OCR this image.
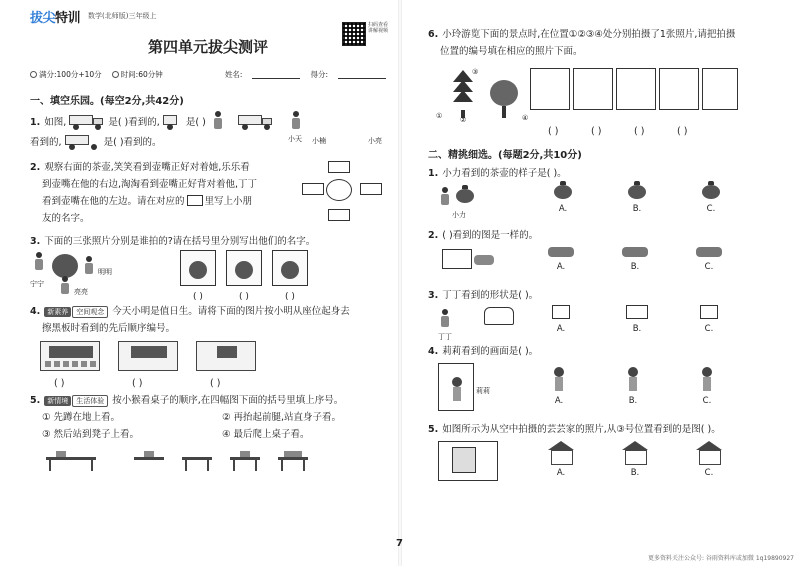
拔尖特训 数学(北师版)三年级上
扫码查看讲解视频
第四单元拔尖测评
满分:100分+10分	时间:60分钟	姓名:	得分:
一、填空乐园。(每空2分,共42分)
1. 如图,	是( )看到的,	是( )

小天 小楠	小亮
看到的,	是( )看到的。
2. 观察右面的茶壶,笑笑看到壶嘴正好对着她,乐乐看
到壶嘴在他的右边,淘淘看到壶嘴正好背对着他,丁丁
看到壶嘴在他的左边。请在对应的 里写上小朋
友的名字。
3. 下面的三张照片分别是谁拍的?请在括号里分别写出他们的名字。
明明
宁宁
亮亮	( )	( )	( )
4. 新素养 空间观念 今天小明是值日生。请将下面的图片按小明从座位起身去
擦黑板时看到的先后顺序编号。
( )	( )	( )
5. 新情境 生活体验 按小猴看桌子的顺序,在四幅图下面的括号里填上序号。
① 先蹲在地上看。	② 再抬起前腿,站直身子看。
③ 然后站到凳子上看。	④ 最后爬上桌子看。
6. 小玲游览下面的景点时,在位置①②③④处分别拍摄了1张照片,请把拍摄
位置的编号填在相应的照片下面。
①	②
③
④
( )	( )	( )	( )
二、精挑细选。(每题2分,共10分)
1. 小力看到的茶壶的样子是( )。
小力
A.	B.	C.
2. ( )看到的图是一样的。
A.	B.	C.
3. 丁丁看到的形状是( )。
丁丁
A.	B.	C.
4. 莉莉看到的画面是( )。
莉莉
A.	B.	C.
5. 如图所示为从空中拍摄的芸芸家的照片,从③号位置看到的是图( )。
A.	B.	C.
7
更多资料关注公众号: 谷雨资料库或加微 1q19890927
